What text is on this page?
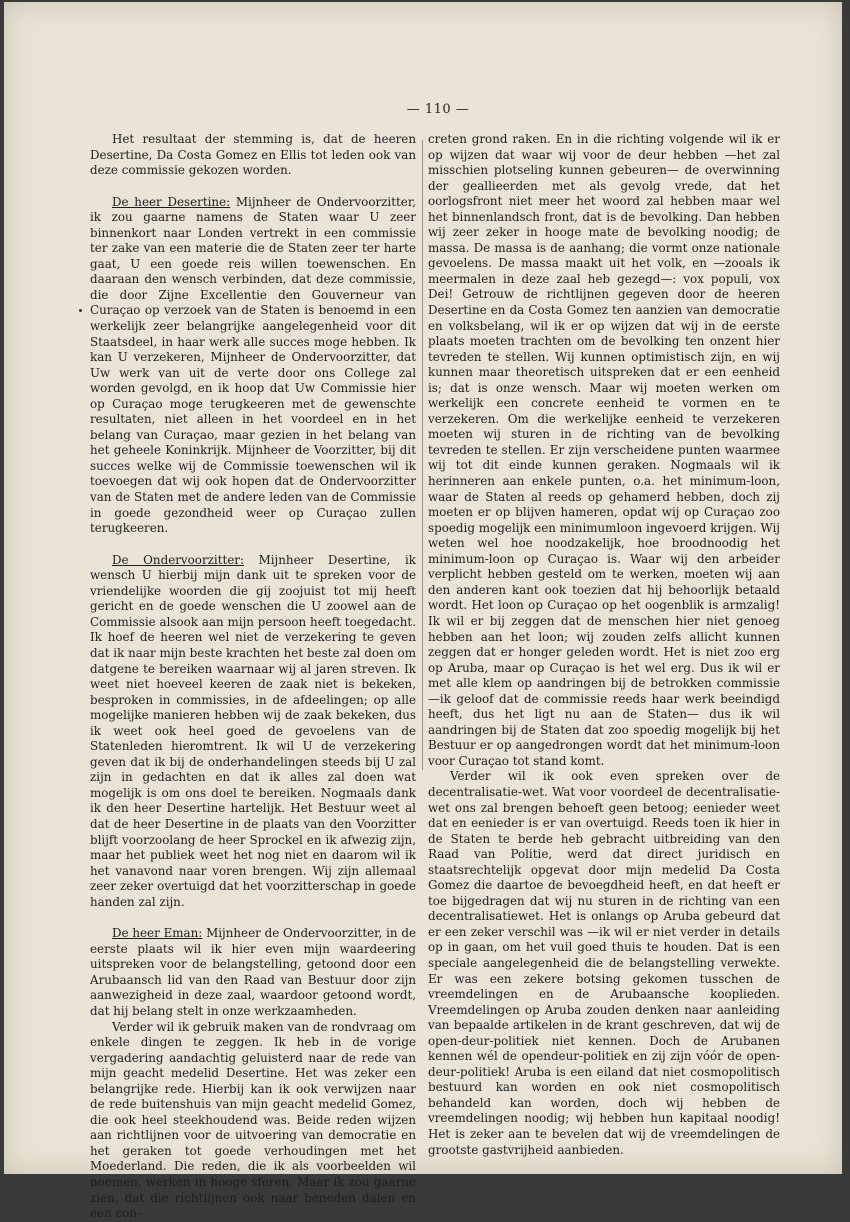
— 110 —

Het resultaat der stemming is, dat de heeren Desertine, Da Costa Gomez en Ellis tot leden ook van deze commissie gekozen worden.

De heer Desertine: Mijnheer de Ondervoorzitter, ik zou gaarne namens de Staten waar U zeer binnenkort naar Londen vertrekt in een commissie ter zake van een materie die de Staten zeer ter harte gaat, U een goede reis willen toewenschen. En daaraan den wensch verbinden, dat deze commissie, die door Zijne Excellentie den Gouverneur van Curaçao op verzoek van de Staten is benoemd in een werkelijk zeer belangrijke aangelegenheid voor dit Staatsdeel, in haar werk alle succes moge hebben. Ik kan U verzekeren, Mijnheer de Ondervoorzitter, dat Uw werk van uit de verte door ons College zal worden gevolgd, en ik hoop dat Uw Commissie hier op Curaçao moge terugkeeren met de gewenschte resultaten, niet alleen in het voordeel en in het belang van Curaçao, maar gezien in het belang van het geheele Koninkrijk. Mijnheer de Voorzitter, bij dit succes welke wij de Commissie toewenschen wil ik toevoegen dat wij ook hopen dat de Ondervoorzitter van de Staten met de andere leden van de Commissie in goede gezondheid weer op Curaçao zullen terugkeeren.

De Ondervoorzitter: Mijnheer Desertine, ik wensch U hierbij mijn dank uit te spreken voor de vriendelijke woorden die gij zoojuist tot mij heeft gericht en de goede wenschen die U zoowel aan de Commissie alsook aan mijn persoon heeft toegedacht. Ik hoef de heeren wel niet de verzekering te geven dat ik naar mijn beste krachten het beste zal doen om datgene te bereiken waarnaar wij al jaren streven. Ik weet niet hoeveel keeren de zaak niet is bekeken, besproken in commissies, in de afdeelingen; op alle mogelijke manieren hebben wij de zaak bekeken, dus ik weet ook heel goed de gevoelens van de Statenleden hieromtrent. Ik wil U de verzekering geven dat ik bij de onderhandelingen steeds bij U zal zijn in gedachten en dat ik alles zal doen wat mogelijk is om ons doel te bereiken. Nogmaals dank ik den heer Desertine hartelijk. Het Bestuur weet al dat de heer Desertine in de plaats van den Voorzitter blijft voorzoolang de heer Sprockel en ik afwezig zijn, maar het publiek weet het nog niet en daarom wil ik het vanavond naar voren brengen. Wij zijn allemaal zeer zeker overtuigd dat het voorzitterschap in goede handen zal zijn.

De heer Eman: Mijnheer de Ondervoorzitter, in de eerste plaats wil ik hier even mijn waardeering uitspreken voor de belangstelling, getoond door een Arubaansch lid van den Raad van Bestuur door zijn aanwezigheid in deze zaal, waardoor getoond wordt, dat hij belang stelt in onze werkzaamheden.

Verder wil ik gebruik maken van de rondvraag om enkele dingen te zeggen. Ik heb in de vorige vergadering aandachtig geluisterd naar de rede van mijn geacht medelid Desertine. Het was zeker een belangrijke rede. Hierbij kan ik ook verwijzen naar de rede buitenshuis van mijn geacht medelid Gomez, die ook heel steekhoudend was. Beide reden wijzen aan richtlijnen voor de uitvoering van democratie en het geraken tot goede verhoudingen met het Moederland. Die reden, die ik als voorbeelden wil noemen, werken in hooge sferen. Maar ik zou gaarne zien, dat die richtlijnen ook naar beneden dalen en een con-

creten grond raken. En in die richting volgende wil ik er op wijzen dat waar wij voor de deur hebben —het zal misschien plotseling kunnen gebeuren— de overwinning der geallieerden met als gevolg vrede, dat het oorlogsfront niet meer het woord zal hebben maar wel het binnenlandsch front, dat is de bevolking. Dan hebben wij zeer zeker in hooge mate de bevolking noodig; de massa. De massa is de aanhang; die vormt onze nationale gevoelens. De massa maakt uit het volk, en —zooals ik meermalen in deze zaal heb gezegd—: vox populi, vox Dei! Getrouw de richtlijnen gegeven door de heeren Desertine en da Costa Gomez ten aanzien van democratie en volksbelang, wil ik er op wijzen dat wij in de eerste plaats moeten trachten om de bevolking ten onzent hier tevreden te stellen. Wij kunnen optimistisch zijn, en wij kunnen maar theoretisch uitspreken dat er een eenheid is; dat is onze wensch. Maar wij moeten werken om werkelijk een concrete eenheid te vormen en te verzekeren. Om die werkelijke eenheid te verzekeren moeten wij sturen in de richting van de bevolking tevreden te stellen. Er zijn verscheidene punten waarmee wij tot dit einde kunnen geraken. Nogmaals wil ik herinneren aan enkele punten, o.a. het minimum-loon, waar de Staten al reeds op gehamerd hebben, doch zij moeten er op blijven hameren, opdat wij op Curaçao zoo spoedig mogelijk een minimumloon ingevoerd krijgen. Wij weten wel hoe noodzakelijk, hoe broodnoodig het minimum-loon op Curaçao is. Waar wij den arbeider verplicht hebben gesteld om te werken, moeten wij aan den anderen kant ook toezien dat hij behoorlijk betaald wordt. Het loon op Curaçao op het oogenblik is armzalig! Ik wil er bij zeggen dat de menschen hier niet genoeg hebben aan het loon; wij zouden zelfs allicht kunnen zeggen dat er honger geleden wordt. Het is niet zoo erg op Aruba, maar op Curaçao is het wel erg. Dus ik wil er met alle klem op aandringen bij de betrokken commissie —ik geloof dat de commissie reeds haar werk beeindigd heeft, dus het ligt nu aan de Staten— dus ik wil aandringen bij de Staten dat zoo spoedig mogelijk bij het Bestuur er op aangedrongen wordt dat het minimum-loon voor Curaçao tot stand komt.

Verder wil ik ook even spreken over de decentralisatie-wet. Wat voor voordeel de decentralisatie-wet ons zal brengen behoeft geen betoog; eenieder weet dat en eenieder is er van overtuigd. Reeds toen ik hier in de Staten te berde heb gebracht uitbreiding van den Raad van Politie, werd dat direct juridisch en staatsrechtelijk opgevat door mijn medelid Da Costa Gomez die daartoe de bevoegdheid heeft, en dat heeft er toe bijgedragen dat wij nu sturen in de richting van een decentralisatiewet. Het is onlangs op Aruba gebeurd dat er een zeker verschil was —ik wil er niet verder in details op in gaan, om het vuil goed thuis te houden. Dat is een speciale aangelegenheid die de belangstelling verwekte. Er was een zekere botsing gekomen tusschen de vreemdelingen en de Arubaansche kooplieden. Vreemdelingen op Aruba zouden denken naar aanleiding van bepaalde artikelen in de krant geschreven, dat wij de open-deur-politiek niet kennen. Doch de Arubanen kennen wél de opendeur-politiek en zij zijn vóór de open-deur-politiek! Aruba is een eiland dat niet cosmopolitisch bestuurd kan worden en ook niet cosmopolitisch behandeld kan worden, doch wij hebben de vreemdelingen noodig; wij hebben hun kapitaal noodig! Het is zeker aan te bevelen dat wij de vreemdelingen de grootste gastvrijheid aanbieden.
